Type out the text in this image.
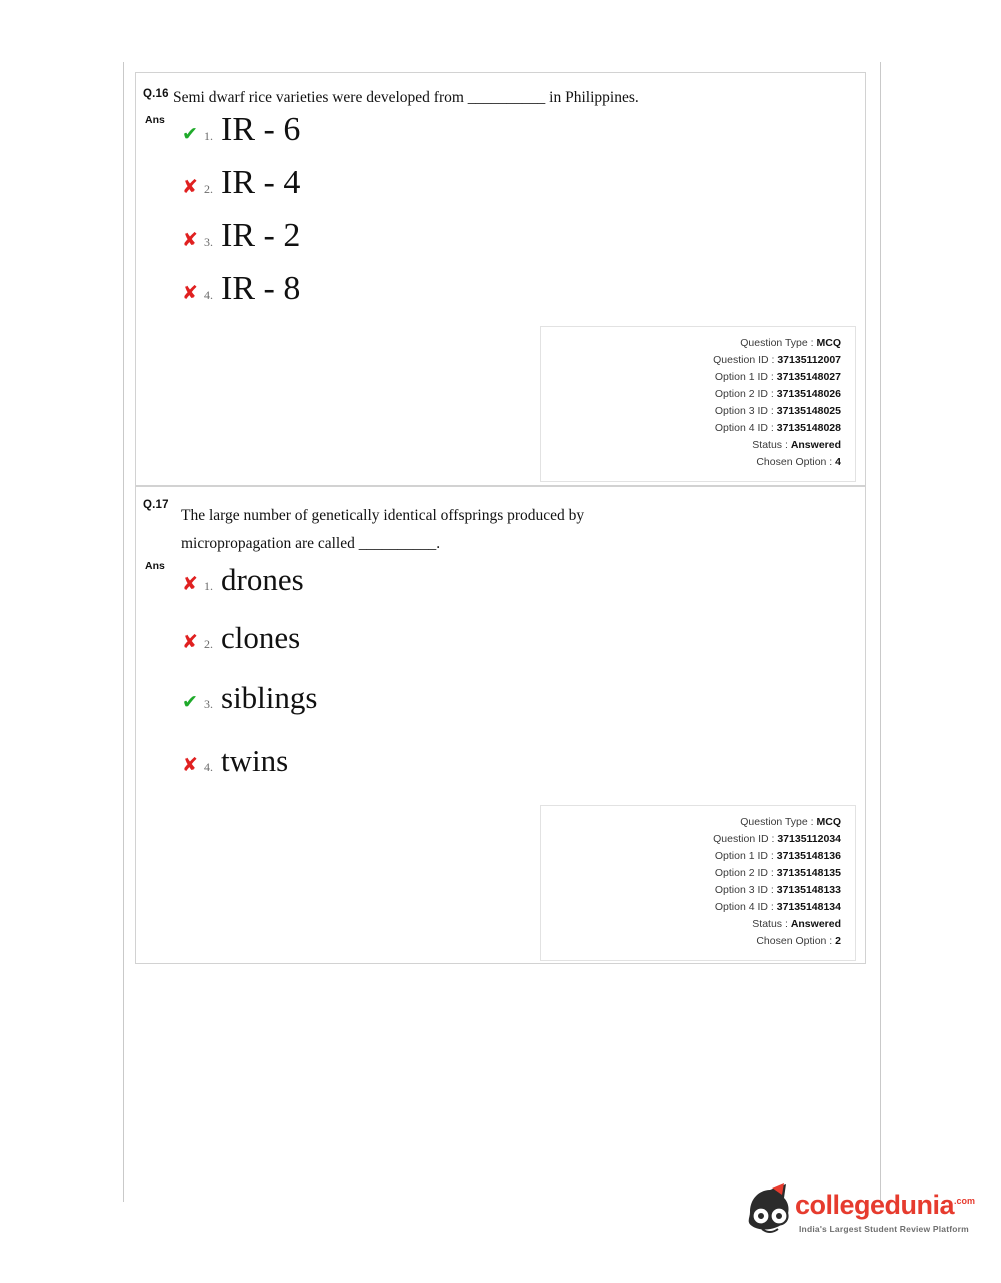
Q.16 Semi dwarf rice varieties were developed from __________ in Philippines.
Ans
✔ 1. IR - 6
✘ 2. IR - 4
✘ 3. IR - 2
✘ 4. IR - 8
Question Type : MCQ
Question ID : 37135112007
Option 1 ID : 37135148027
Option 2 ID : 37135148026
Option 3 ID : 37135148025
Option 4 ID : 37135148028
Status : Answered
Chosen Option : 4
Q.17
The large number of genetically identical offsprings produced by
micropropagation are called __________.
Ans
✘ 1. drones
✘ 2. clones
✔ 3. siblings
✘ 4. twins
Question Type : MCQ
Question ID : 37135112034
Option 1 ID : 37135148136
Option 2 ID : 37135148135
Option 3 ID : 37135148133
Option 4 ID : 37135148134
Status : Answered
Chosen Option : 2
collegedunia$^{.com}$
India's Largest Student Review Platform
